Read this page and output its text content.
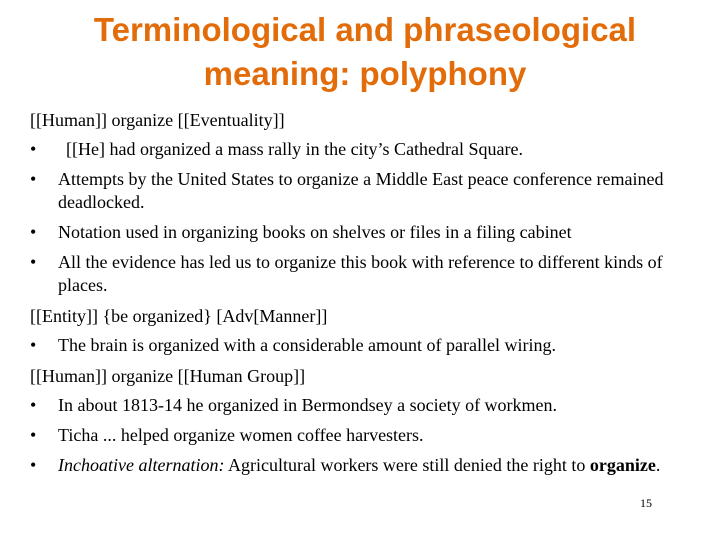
Terminological and phraseological
meaning: polyphony
[[Human]] organize [[Eventuality]]
• [[He] had organized a mass rally in the city’s Cathedral Square.
• Attempts by the United States to organize a Middle East peace conference remained deadlocked.
• Notation used in organizing books on shelves or files in a filing cabinet
• All the evidence has led us to organize this book with reference to different kinds of places.
[[Entity]] {be organized} [Adv[Manner]]
• The brain is organized with a considerable amount of parallel wiring.
[[Human]] organize [[Human Group]]
• In about 1813-14 he organized in Bermondsey a society of workmen.
• Ticha ... helped organize women coffee harvesters.
• Inchoative alternation: Agricultural workers were still denied the right to organize.
15
